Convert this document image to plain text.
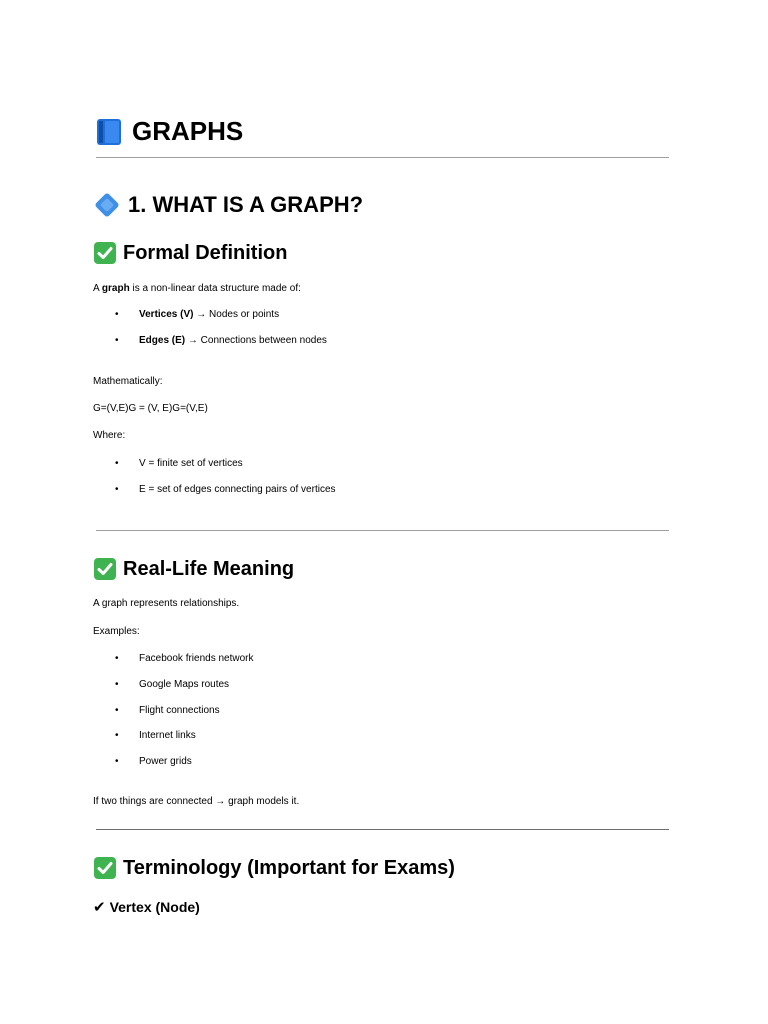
GRAPHS
1. WHAT IS A GRAPH?
Formal Definition
A graph is a non-linear data structure made of:
• Vertices (V) → Nodes or points
• Edges (E) → Connections between nodes
Mathematically:
G=(V,E)G = (V, E)G=(V,E)
Where:
• V = finite set of vertices
• E = set of edges connecting pairs of vertices
Real-Life Meaning
A graph represents relationships.
Examples:
• Facebook friends network
• Google Maps routes
• Flight connections
• Internet links
• Power grids
If two things are connected → graph models it.
Terminology (Important for Exams)
✔ Vertex (Node)
